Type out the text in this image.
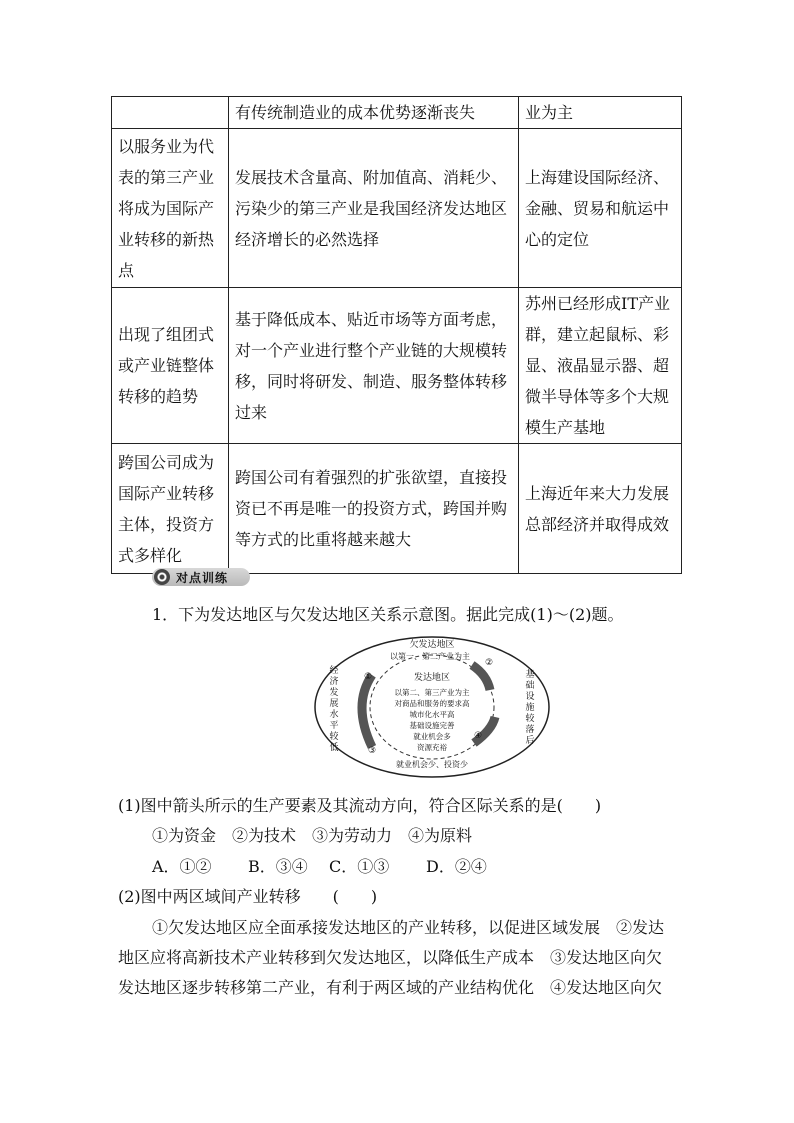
	有传统制造业的成本优势逐渐丧失	业为主
以服务业为代表的第三产业将成为国际产业转移的新热点	发展技术含量高、附加值高、消耗少、污染少的第三产业是我国经济发达地区经济增长的必然选择	上海建设国际经济、金融、贸易和航运中心的定位
出现了组团式或产业链整体转移的趋势	基于降低成本、贴近市场等方面考虑，对一个产业进行整个产业链的大规模转移，同时将研发、制造、服务整体转移过来	苏州已经形成IT产业群，建立起鼠标、彩显、液晶显示器、超微半导体等多个大规模生产基地
跨国公司成为国际产业转移主体，投资方式多样化	跨国公司有着强烈的扩张欲望，直接投资已不再是唯一的投资方式，跨国并购等方式的比重将越来越大	上海近年来大力发展总部经济并取得成效
对点训练
1．下为发达地区与欠发达地区关系示意图。据此完成(1)～(2)题。
欠发达地区
以第一、第二产业为主
发达地区
以第二、第三产业为主
对商品和服务的要求高
城市化水平高
基础设施完善
就业机会多
资源充裕
经
济
发
展
水
平
较
低
基
础
设
施
较
落
后
就业机会少、投资少
①
②
③
④
(1)图中箭头所示的生产要素及其流动方向，符合区际关系的是(　　)
①为资金　②为技术　③为劳动力　④为原料
A．①② B．③④ C．①③ D．②④
(2)图中两区域间产业转移　　(　　)
①欠发达地区应全面承接发达地区的产业转移，以促进区域发展　②发达
地区应将高新技术产业转移到欠发达地区，以降低生产成本　③发达地区向欠
发达地区逐步转移第二产业，有利于两区域的产业结构优化　④发达地区向欠
